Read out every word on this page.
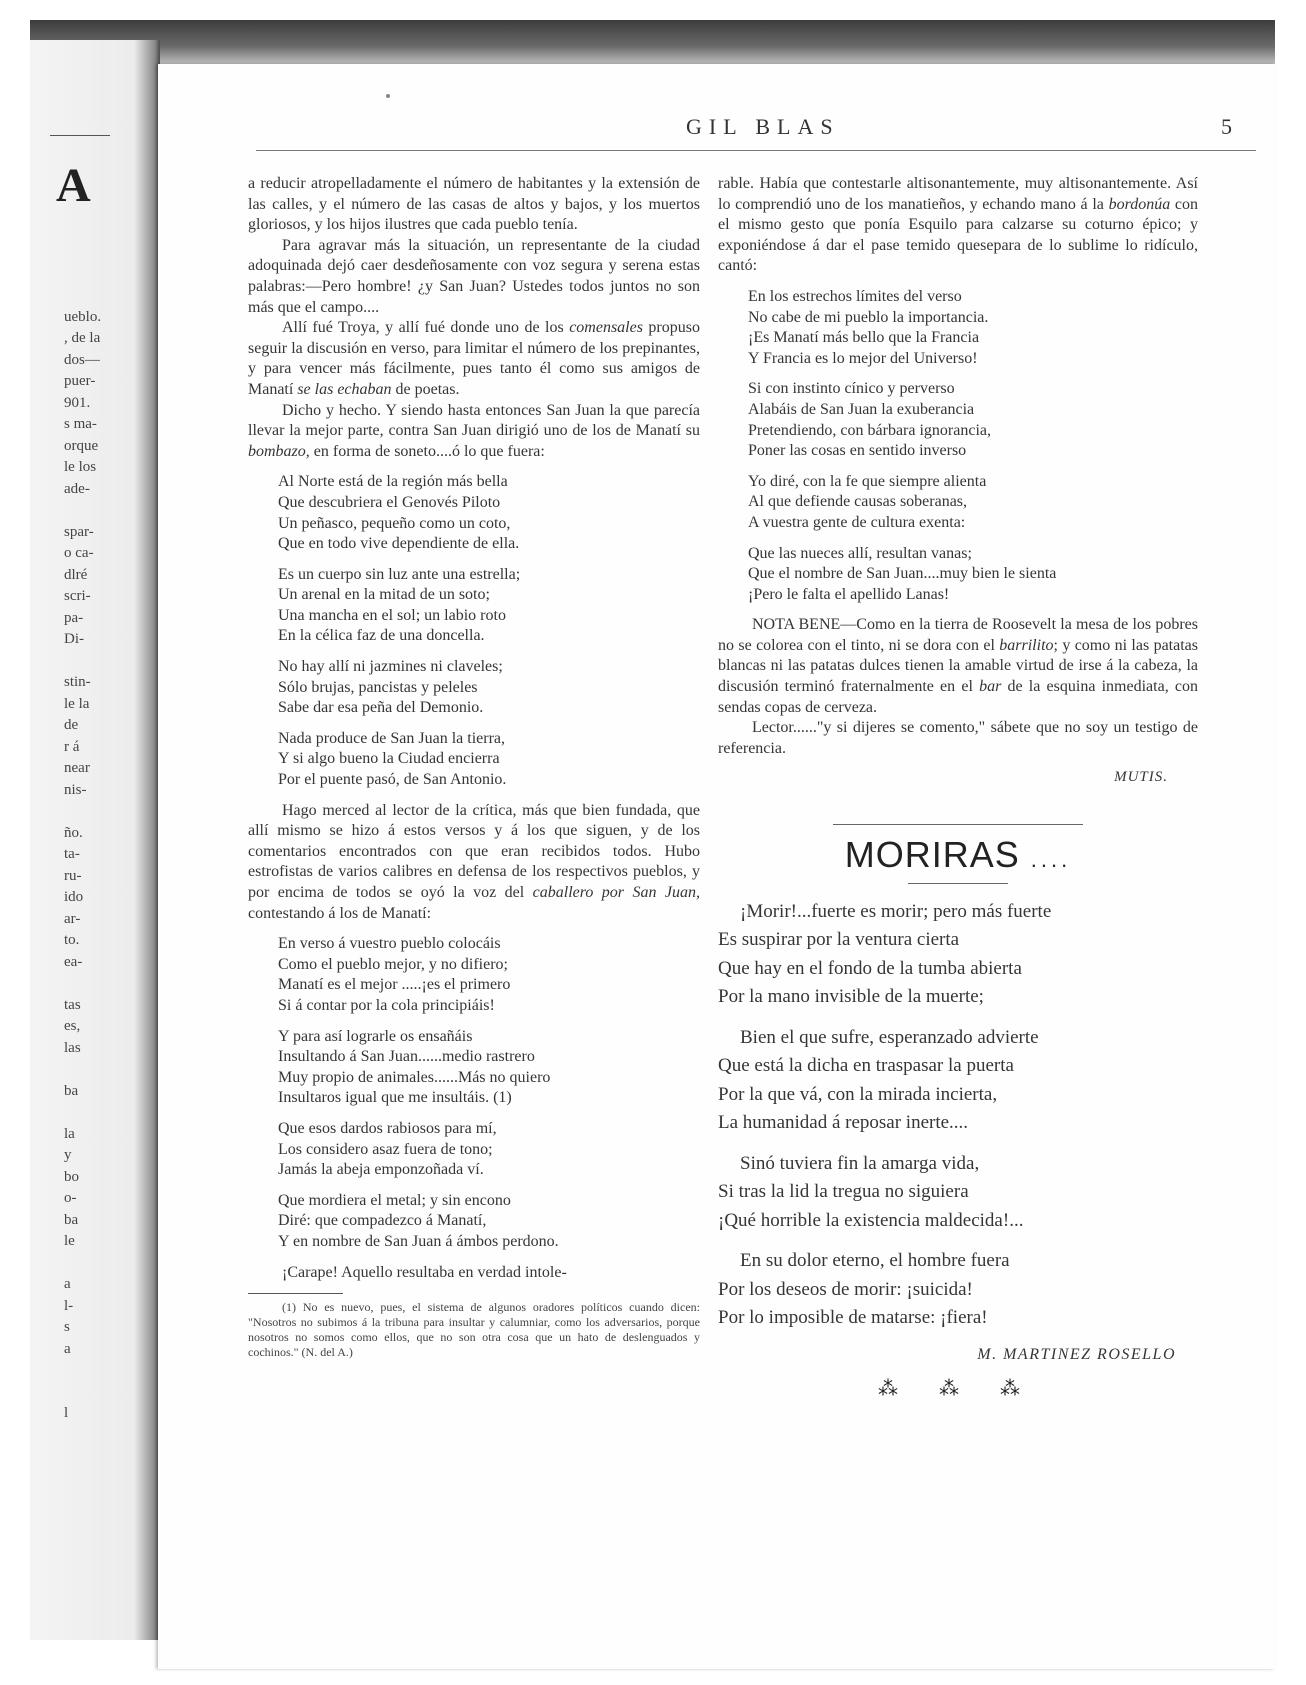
A
ueblo.
, de la
dos—
puer-
901.
s ma-
orque
le los
ade-
spar-
o ca-
dlré
scri-
pa-
Di-
stin-
le la
de
r á
near
nis-
ño.
ta-
ru-
ido
ar-
to.
ea-
tas
es,
las
ba
la
y
bo
o-
ba
le
a
l-
s
a
l
GIL BLAS	5

a reducir atropelladamente el número de habitantes y la extensión de las calles, y el número de las casas de altos y bajos, y los muertos gloriosos, y los hijos ilustres que cada pueblo tenía.

Para agravar más la situación, un representante de la ciudad adoquinada dejó caer desdeñosamente con voz segura y serena estas palabras:—Pero hombre! ¿y San Juan? Ustedes todos juntos no son más que el campo....

Allí fué Troya, y allí fué donde uno de los comensales propuso seguir la discusión en verso, para limitar el número de los prepinantes, y para vencer más fácilmente, pues tanto él como sus amigos de Manatí se las echaban de poetas.

Dicho y hecho. Y siendo hasta entonces San Juan la que parecía llevar la mejor parte, contra San Juan dirigió uno de los de Manatí su bombazo, en forma de soneto....ó lo que fuera:

Al Norte está de la región más bella
Que descubriera el Genovés Piloto
Un peñasco, pequeño como un coto,
Que en todo vive dependiente de ella.
Es un cuerpo sin luz ante una estrella;
Un arenal en la mitad de un soto;
Una mancha en el sol; un labio roto
En la célica faz de una doncella.
No hay allí ni jazmines ni claveles;
Sólo brujas, pancistas y peleles
Sabe dar esa peña del Demonio.
Nada produce de San Juan la tierra,
Y si algo bueno la Ciudad encierra
Por el puente pasó, de San Antonio.

Hago merced al lector de la crítica, más que bien fundada, que allí mismo se hizo á estos versos y á los que siguen, y de los comentarios encontrados con que eran recibidos todos. Hubo estrofistas de varios calibres en defensa de los respectivos pueblos, y por encima de todos se oyó la voz del caballero por San Juan, contestando á los de Manatí:

En verso á vuestro pueblo colocáis
Como el pueblo mejor, y no difiero;
Manatí es el mejor .....¡es el primero
Si á contar por la cola principiáis!
Y para así lograrle os ensañáis
Insultando á San Juan......medio rastrero
Muy propio de animales......Más no quiero
Insultaros igual que me insultáis. (1)
Que esos dardos rabiosos para mí,
Los considero asaz fuera de tono;
Jamás la abeja emponzoñada ví.
Que mordiera el metal; y sin encono
Diré: que compadezco á Manatí,
Y en nombre de San Juan á ámbos perdono.

¡Carape! Aquello resultaba en verdad intole-

(1) No es nuevo, pues, el sistema de algunos oradores políticos cuando dicen: "Nosotros no subimos á la tribuna para insultar y calumniar, como los adversarios, porque nosotros no somos como ellos, que no son otra cosa que un hato de deslenguados y cochinos." (N. del A.)

rable. Había que contestarle altisonantemente, muy altisonantemente. Así lo comprendió uno de los manatieños, y echando mano á la bordonúa con el mismo gesto que ponía Esquilo para calzarse su coturno épico; y exponiéndose á dar el pase temido quesepara de lo sublime lo ridículo, cantó:

En los estrechos límites del verso
No cabe de mi pueblo la importancia.
¡Es Manatí más bello que la Francia
Y Francia es lo mejor del Universo!
Si con instinto cínico y perverso
Alabáis de San Juan la exuberancia
Pretendiendo, con bárbara ignorancia,
Poner las cosas en sentido inverso
Yo diré, con la fe que siempre alienta
Al que defiende causas soberanas,
A vuestra gente de cultura exenta:
Que las nueces allí, resultan vanas;
Que el nombre de San Juan....muy bien le sienta
¡Pero le falta el apellido Lanas!

NOTA BENE—Como en la tierra de Roosevelt la mesa de los pobres no se colorea con el tinto, ni se dora con el barrilito; y como ni las patatas blancas ni las patatas dulces tienen la amable virtud de irse á la cabeza, la discusión terminó fraternalmente en el bar de la esquina inmediata, con sendas copas de cerveza.

Lector......"y si dijeres se comento," sábete que no soy un testigo de referencia.

MUTIS.
MORIRAS ....
¡Morir!...fuerte es morir; pero más fuerte
Es suspirar por la ventura cierta
Que hay en el fondo de la tumba abierta
Por la mano invisible de la muerte;
Bien el que sufre, esperanzado advierte
Que está la dicha en traspasar la puerta
Por la que vá, con la mirada incierta,
La humanidad á reposar inerte....
Sinó tuviera fin la amarga vida,
Si tras la lid la tregua no siguiera
¡Qué horrible la existencia maldecida!...
En su dolor eterno, el hombre fuera
Por los deseos de morir: ¡suicida!
Por lo imposible de matarse: ¡fiera!
M. MARTINEZ ROSELLO
⁂ ⁂ ⁂
